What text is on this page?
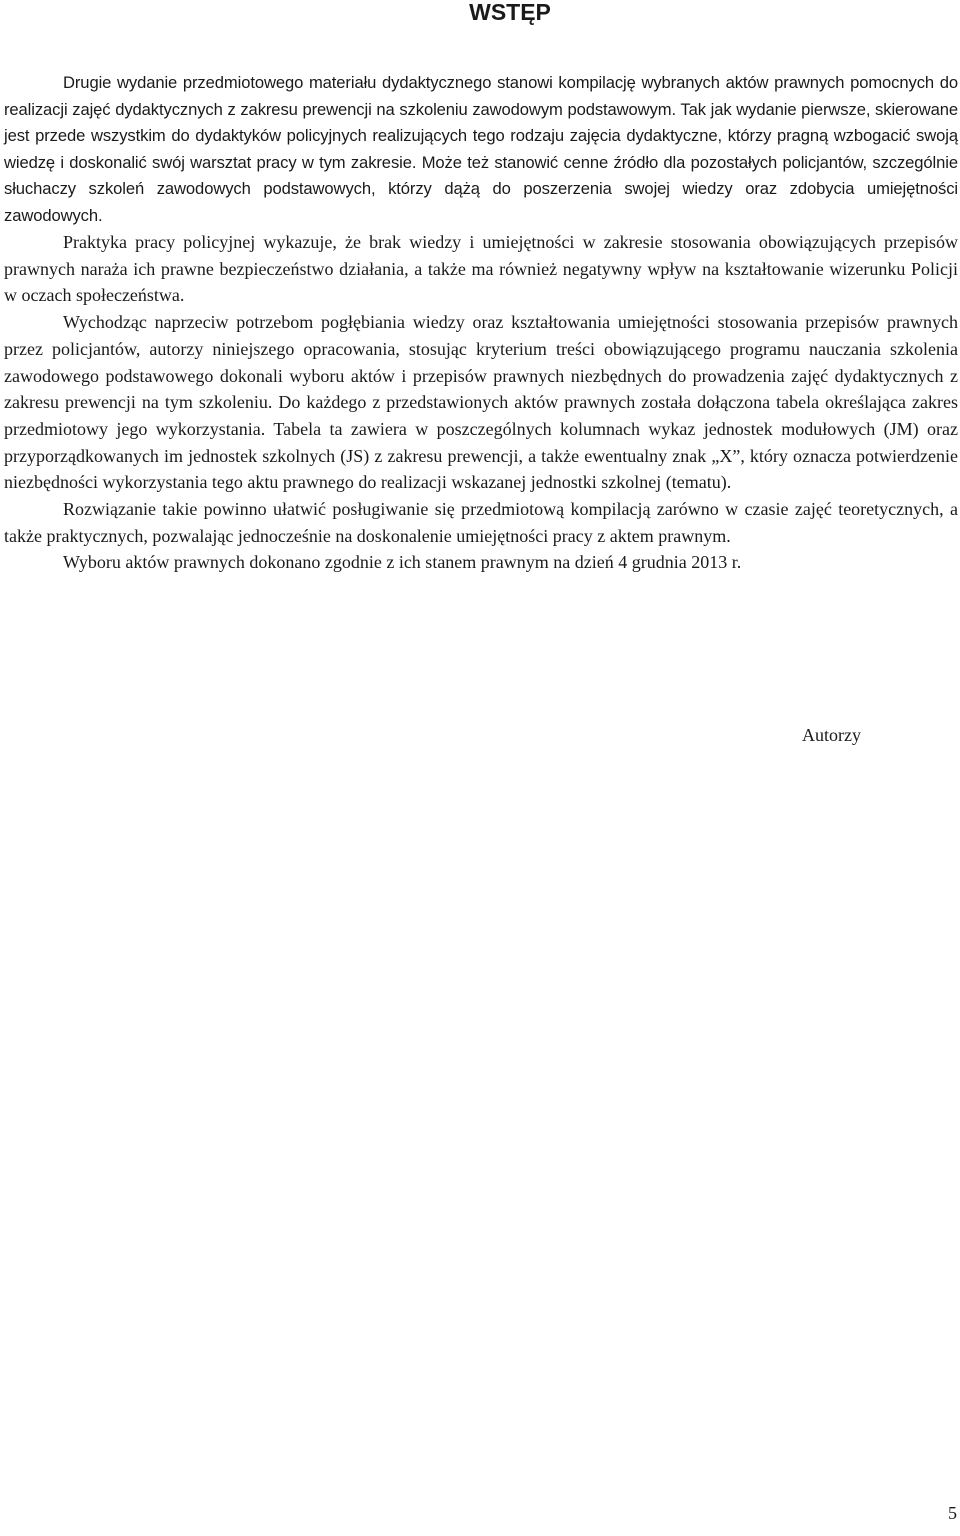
WSTĘP

Drugie wydanie przedmiotowego materiału dydaktycznego stanowi kompilację wybranych aktów prawnych pomocnych do realizacji zajęć dydaktycznych z zakresu prewencji na szkoleniu zawodowym podstawowym. Tak jak wydanie pierwsze, skierowane jest przede wszystkim do dydaktyków policyjnych realizujących tego rodzaju zajęcia dydaktyczne, którzy pragną wzbogacić swoją wiedzę i doskonalić swój warsztat pracy w tym zakresie. Może też stanowić cenne źródło dla pozostałych policjantów, szczególnie słuchaczy szkoleń zawodowych podstawowych, którzy dążą do poszerzenia swojej wiedzy oraz zdobycia umiejętności zawodowych.

Praktyka pracy policyjnej wykazuje, że brak wiedzy i umiejętności w zakresie stosowania obowiązujących przepisów prawnych naraża ich prawne bezpieczeństwo działania, a także ma również negatywny wpływ na kształtowanie wizerunku Policji w oczach społeczeństwa.

Wychodząc naprzeciw potrzebom pogłębiania wiedzy oraz kształtowania umiejętności stosowania przepisów prawnych przez policjantów, autorzy niniejszego opracowania, stosując kryterium treści obowiązującego programu nauczania szkolenia zawodowego podstawowego dokonali wyboru aktów i przepisów prawnych niezbędnych do prowadzenia zajęć dydaktycznych z zakresu prewencji na tym szkoleniu. Do każdego z przedstawionych aktów prawnych została dołączona tabela określająca zakres przedmiotowy jego wykorzystania. Tabela ta zawiera w poszczególnych kolumnach wykaz jednostek modułowych (JM) oraz przyporządkowanych im jednostek szkolnych (JS) z zakresu prewencji, a także ewentualny znak „X”, który oznacza potwierdzenie niezbędności wykorzystania tego aktu prawnego do realizacji wskazanej jednostki szkolnej (tematu).

Rozwiązanie takie powinno ułatwić posługiwanie się przedmiotową kompilacją zarówno w czasie zajęć teoretycznych, a także praktycznych, pozwalając jednocześnie na doskonalenie umiejętności pracy z aktem prawnym.

Wyboru aktów prawnych dokonano zgodnie z ich stanem prawnym na dzień 4 grudnia 2013 r.

Autorzy
5
